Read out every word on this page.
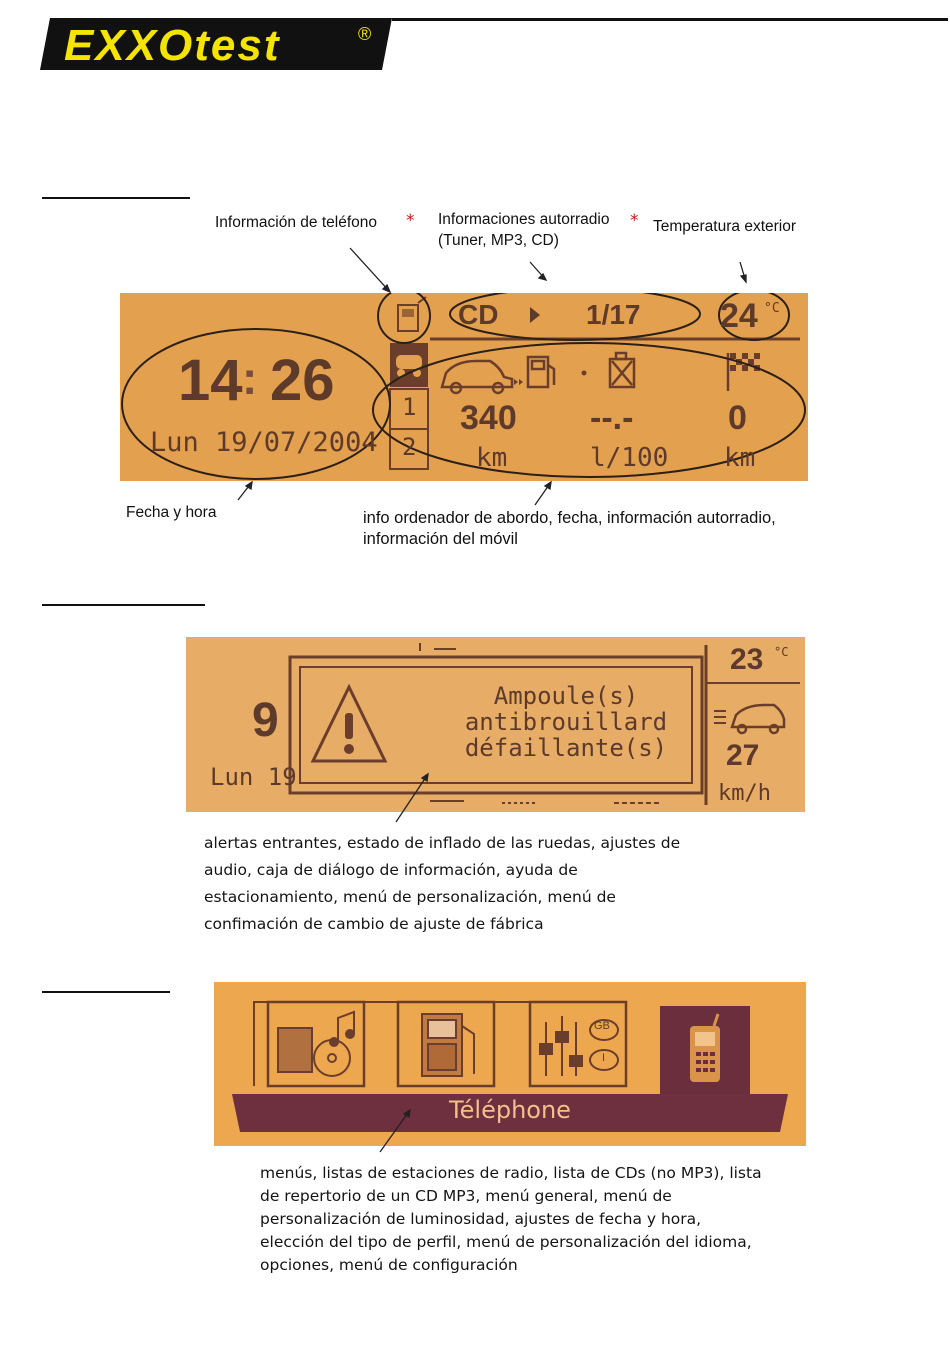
EXXOtest	®
Información de teléfono * Informaciones autorradio
(Tuner, MP3, CD)
* Temperatura exterior
CD	1/17 24 °C
14 : 26
Lun 19/07/2004
1
2
340
km
--.-
l/100
0
km
Fecha y hora	info ordenador de abordo, fecha, información autorradio,
información del móvil
9
Lun 19
Ampoule(s)
antibrouillard
défaillante(s)
23 °C
27
km/h
alertas entrantes, estado de inflado de las ruedas, ajustes de
audio, caja de diálogo de información, ayuda de
estacionamiento, menú de personalización, menú de
confimación de cambio de ajuste de fábrica
GB
I
Téléphone
menús, listas de estaciones de radio, lista de CDs (no MP3), lista
de repertorio de un CD MP3, menú general, menú de
personalización de luminosidad, ajustes de fecha y hora,
elección del tipo de perfil, menú de personalización del idioma,
opciones, menú de configuración
